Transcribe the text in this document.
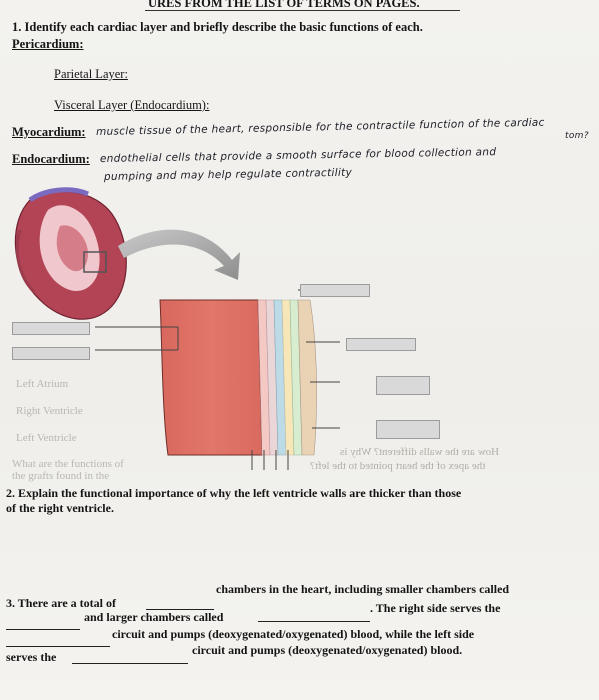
URES FROM THE LIST OF TERMS ON PAGES.
1. Identify each cardiac layer and briefly describe the basic functions of each.
Pericardium:
Parietal Layer:
Visceral Layer (Endocardium):
Myocardium: muscle tissue of the heart, responsible for the contractile function of the cardiac tom?
Endocardium: endothelial cells that provide a smooth surface for blood collection and
pumping and may help regulate contractility
Left Atrium
Right Ventricle
Left Ventricle
What are the functions of
the grafts found in the
How are the walls different? Why is
the apex of the heart pointed to the left?
2. Explain the functional importance of why the left ventricle walls are thicker than those
of the right ventricle.
3. There are a total of
chambers in the heart, including smaller chambers called
and larger chambers called
. The right side serves the
circuit and pumps (deoxygenated/oxygenated) blood, while the left side
serves the	circuit and pumps (deoxygenated/oxygenated) blood.
